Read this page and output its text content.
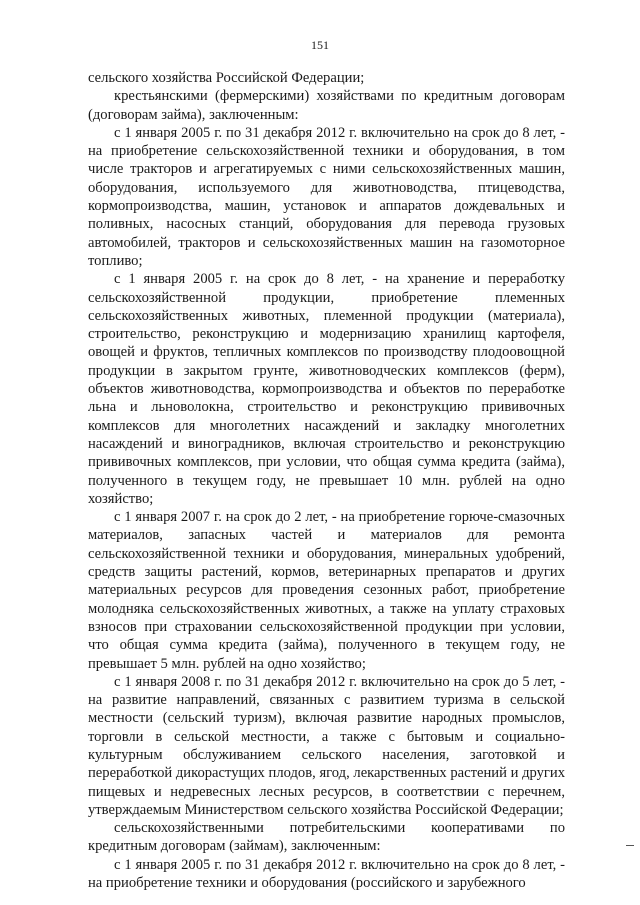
151

сельского хозяйства Российской Федерации;

крестьянскими (фермерскими) хозяйствами по кредитным договорам (договорам займа), заключенным:

с 1 января 2005 г. по 31 декабря 2012 г. включительно на срок до 8 лет, - на приобретение сельскохозяйственной техники и оборудования, в том числе тракторов и агрегатируемых с ними сельскохозяйственных машин, оборудования, используемого для животноводства, птицеводства, кормопроизводства, машин, установок и аппаратов дождевальных и поливных, насосных станций, оборудования для перевода грузовых автомобилей, тракторов и сельскохозяйственных машин на газомоторное топливо;

с 1 января 2005 г. на срок до 8 лет, - на хранение и переработку сельскохозяйственной продукции, приобретение племенных сельскохозяйственных животных, племенной продукции (материала), строительство, реконструкцию и модернизацию хранилищ картофеля, овощей и фруктов, тепличных комплексов по производству плодоовощной продукции в закрытом грунте, животноводческих комплексов (ферм), объектов животноводства, кормопроизводства и объектов по переработке льна и льноволокна, строительство и реконструкцию прививочных комплексов для многолетних насаждений и закладку многолетних насаждений и виноградников, включая строительство и реконструкцию прививочных комплексов, при условии, что общая сумма кредита (займа), полученного в текущем году, не превышает 10 млн. рублей на одно хозяйство;

с 1 января 2007 г. на срок до 2 лет, - на приобретение горюче-смазочных материалов, запасных частей и материалов для ремонта сельскохозяйственной техники и оборудования, минеральных удобрений, средств защиты растений, кормов, ветеринарных препаратов и других материальных ресурсов для проведения сезонных работ, приобретение молодняка сельскохозяйственных животных, а также на уплату страховых взносов при страховании сельскохозяйственной продукции при условии, что общая сумма кредита (займа), полученного в текущем году, не превышает 5 млн. рублей на одно хозяйство;

с 1 января 2008 г. по 31 декабря 2012 г. включительно на срок до 5 лет, - на развитие направлений, связанных с развитием туризма в сельской местности (сельский туризм), включая развитие народных промыслов, торговли в сельской местности, а также с бытовым и социально-культурным обслуживанием сельского населения, заготовкой и переработкой дикорастущих плодов, ягод, лекарственных растений и других пищевых и недревесных лесных ресурсов, в соответствии с перечнем, утверждаемым Министерством сельского хозяйства Российской Федерации;

сельскохозяйственными потребительскими кооперативами по кредитным договорам (займам), заключенным:

с 1 января 2005 г. по 31 декабря 2012 г. включительно на срок до 8 лет, - на приобретение техники и оборудования (российского и зарубежного
